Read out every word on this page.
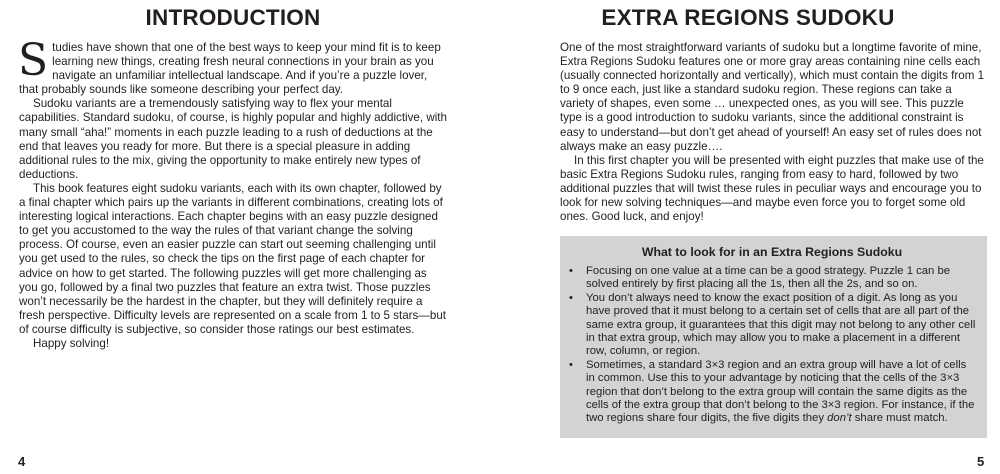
INTRODUCTION

Studies have shown that one of the best ways to keep your mind fit is to keep learning new things, creating fresh neural connections in your brain as you navigate an unfamiliar intellectual landscape. And if you’re a puzzle lover, that probably sounds like someone describing your perfect day.

Sudoku variants are a tremendously satisfying way to flex your mental capabilities. Standard sudoku, of course, is highly popular and highly addictive, with many small “aha!” moments in each puzzle leading to a rush of deductions at the end that leaves you ready for more. But there is a special pleasure in adding additional rules to the mix, giving the opportunity to make entirely new types of deductions.

This book features eight sudoku variants, each with its own chapter, followed by a final chapter which pairs up the variants in different combinations, creating lots of interesting logical interactions. Each chapter begins with an easy puzzle designed to get you accustomed to the way the rules of that variant change the solving process. Of course, even an easier puzzle can start out seeming challenging until you get used to the rules, so check the tips on the first page of each chapter for advice on how to get started. The following puzzles will get more challenging as you go, followed by a final two puzzles that feature an extra twist. Those puzzles won’t necessarily be the hardest in the chapter, but they will definitely require a fresh perspective. Difficulty levels are represented on a scale from 1 to 5 stars—but of course difficulty is subjective, so consider those ratings our best estimates.

Happy solving!

4
EXTRA REGIONS SUDOKU

One of the most straightforward variants of sudoku but a longtime favorite of mine, Extra Regions Sudoku features one or more gray areas containing nine cells each (usually connected horizontally and vertically), which must contain the digits from 1 to 9 once each, just like a standard sudoku region. These regions can take a variety of shapes, even some … unexpected ones, as you will see. This puzzle type is a good introduction to sudoku variants, since the additional constraint is easy to understand—but don’t get ahead of yourself! An easy set of rules does not always make an easy puzzle….

In this first chapter you will be presented with eight puzzles that make use of the basic Extra Regions Sudoku rules, ranging from easy to hard, followed by two additional puzzles that will twist these rules in peculiar ways and encourage you to look for new solving techniques—and maybe even force you to forget some old ones. Good luck, and enjoy!

What to look for in an Extra Regions Sudoku
• Focusing on one value at a time can be a good strategy. Puzzle 1 can be solved entirely by first placing all the 1s, then all the 2s, and so on.
• You don’t always need to know the exact position of a digit. As long as you have proved that it must belong to a certain set of cells that are all part of the same extra group, it guarantees that this digit may not belong to any other cell in that extra group, which may allow you to make a placement in a different row, column, or region.
• Sometimes, a standard 3×3 region and an extra group will have a lot of cells in common. Use this to your advantage by noticing that the cells of the 3×3 region that don’t belong to the extra group will contain the same digits as the cells of the extra group that don’t belong to the 3×3 region. For instance, if the two regions share four digits, the five digits they don’t share must match.
5
